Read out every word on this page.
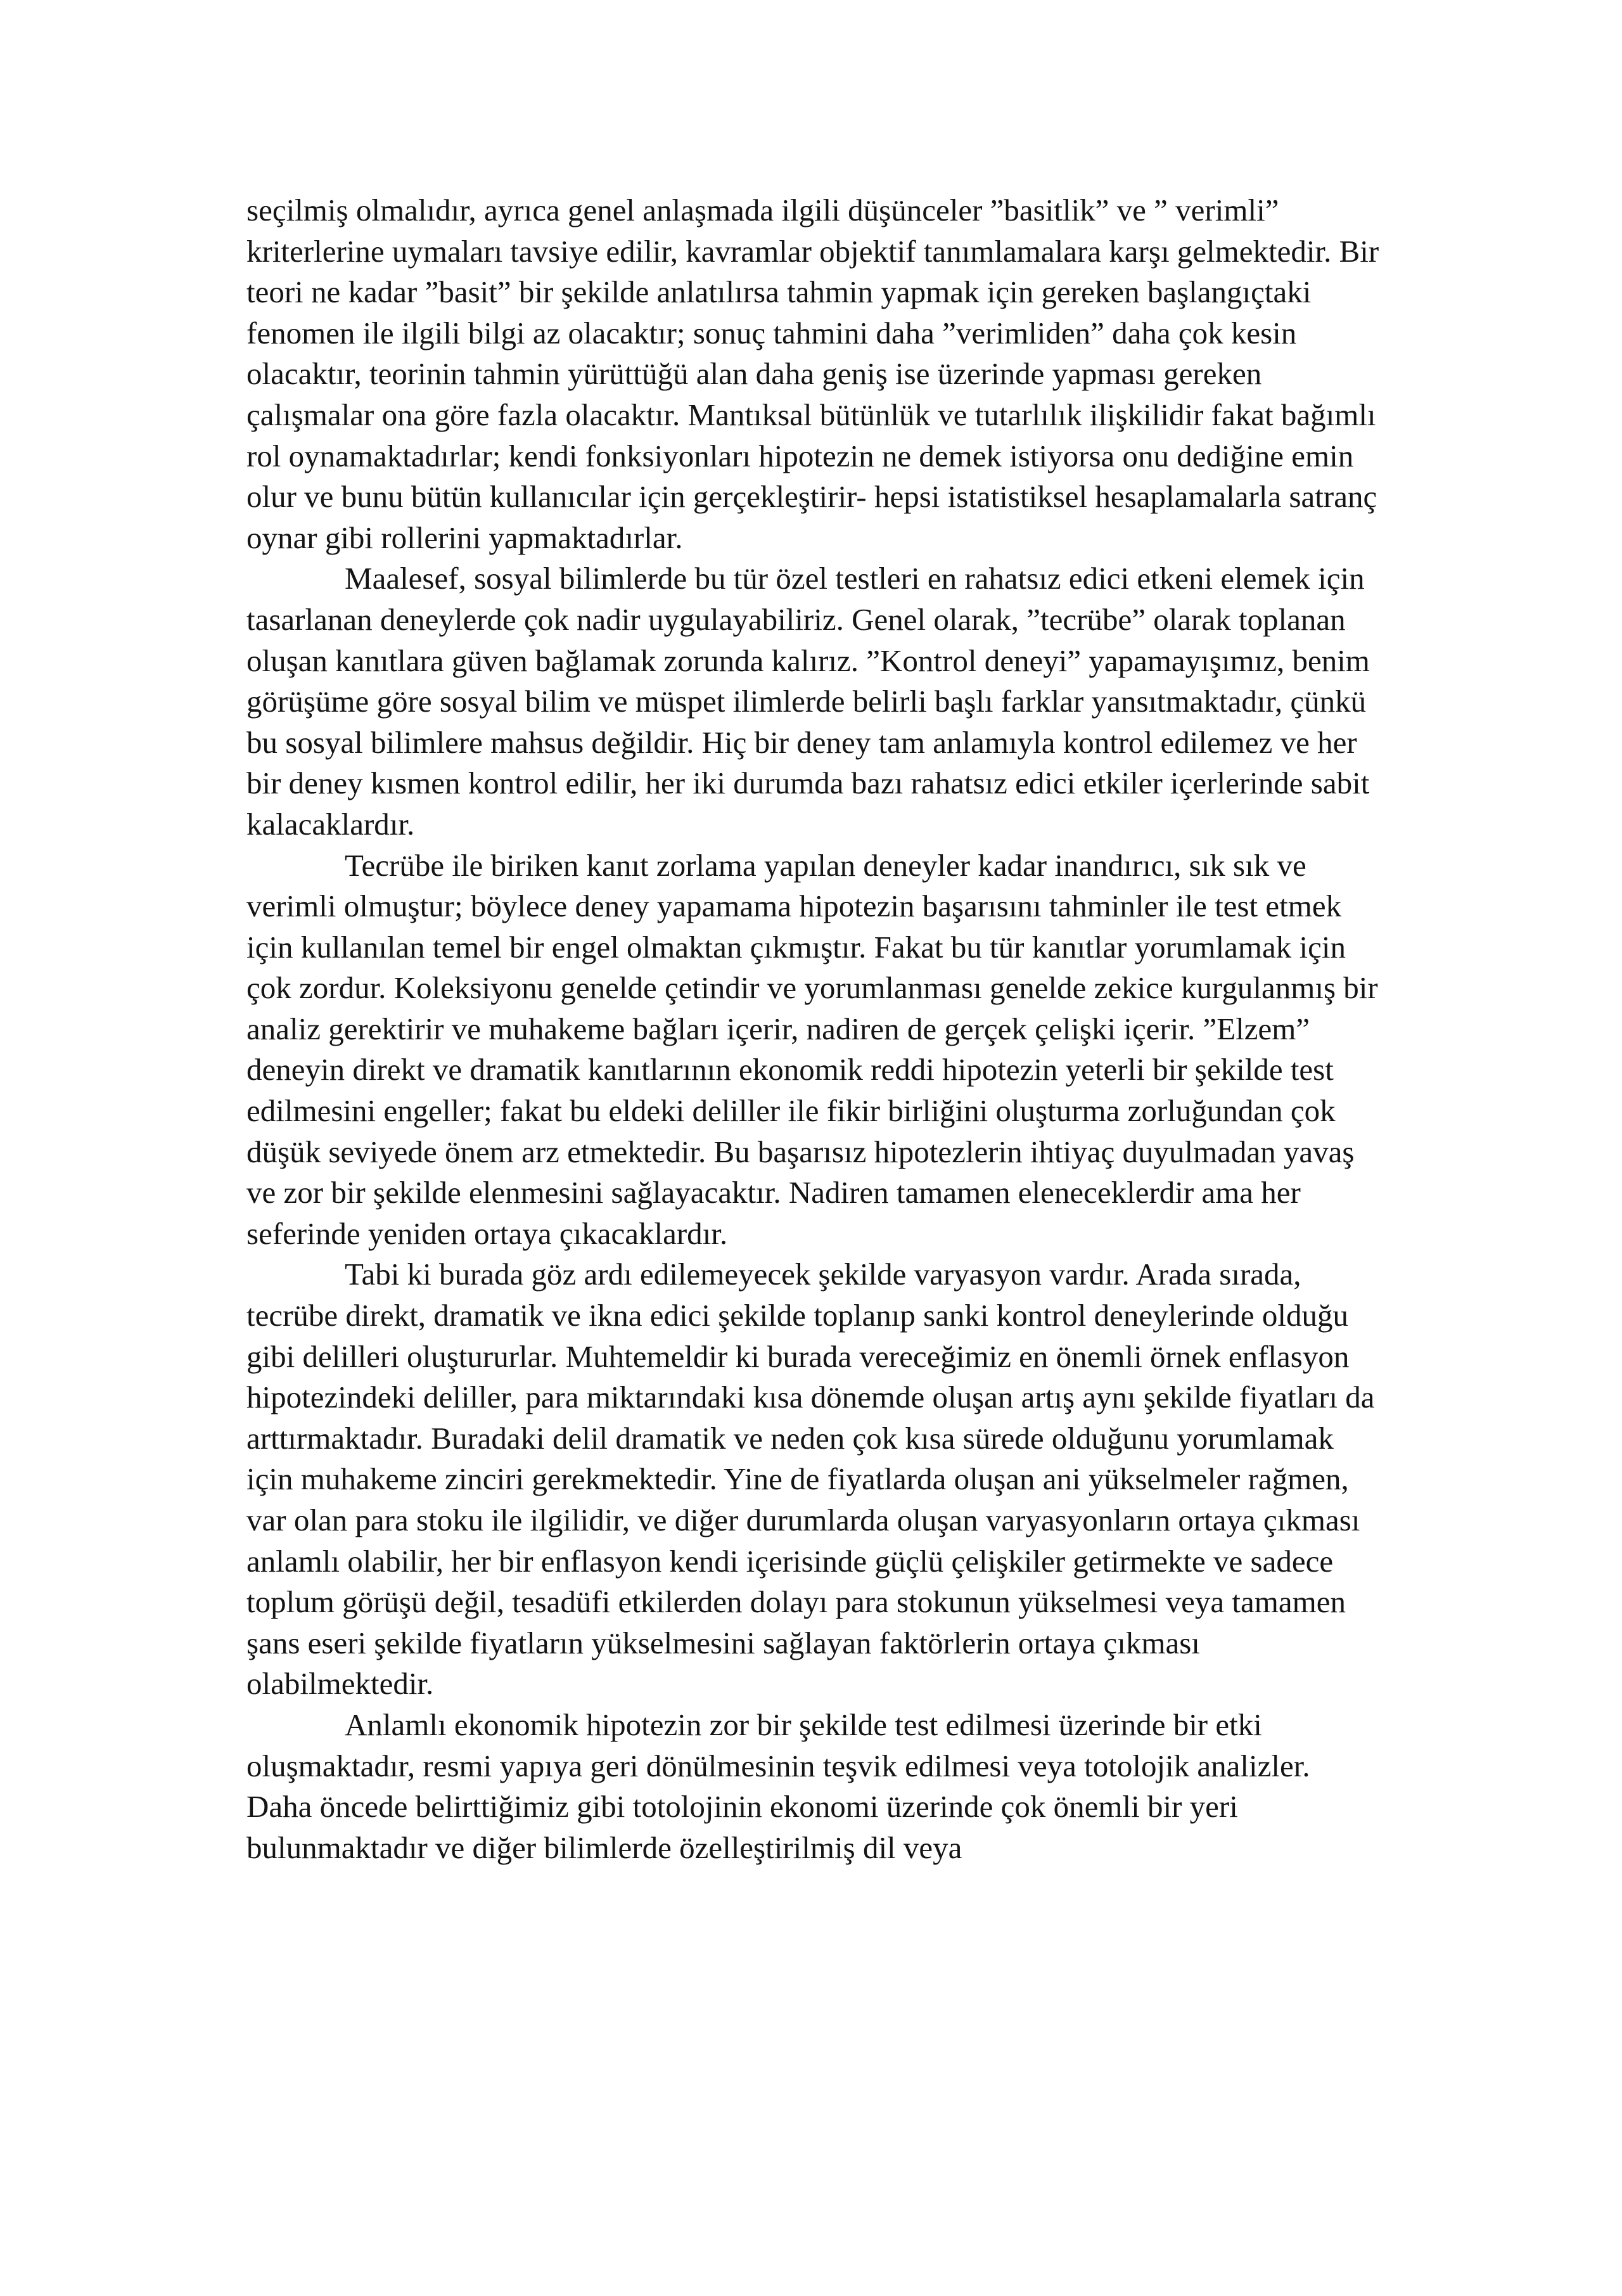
seçilmiş olmalıdır, ayrıca genel anlaşmada ilgili düşünceler ”basitlik” ve ” verimli” kriterlerine uymaları tavsiye edilir, kavramlar objektif tanımlamalara karşı gelmektedir. Bir teori ne kadar ”basit” bir şekilde anlatılırsa tahmin yapmak için gereken başlangıçtaki fenomen ile ilgili bilgi az olacaktır; sonuç tahmini daha ”verimliden” daha çok kesin olacaktır, teorinin tahmin yürüttüğü alan daha geniş ise üzerinde yapması gereken çalışmalar ona göre fazla olacaktır. Mantıksal bütünlük ve tutarlılık ilişkilidir fakat bağımlı rol oynamaktadırlar; kendi fonksiyonları hipotezin ne demek istiyorsa onu dediğine emin olur ve bunu bütün kullanıcılar için gerçekleştirir- hepsi istatistiksel hesaplamalarla satranç oynar gibi rollerini yapmaktadırlar.

Maalesef, sosyal bilimlerde bu tür özel testleri en rahatsız edici etkeni elemek için tasarlanan deneylerde çok nadir uygulayabiliriz. Genel olarak, ”tecrübe” olarak toplanan oluşan kanıtlara güven bağlamak zorunda kalırız. ”Kontrol deneyi” yapamayışımız, benim görüşüme göre sosyal bilim ve müspet ilimlerde belirli başlı farklar yansıtmaktadır, çünkü bu sosyal bilimlere mahsus değildir. Hiç bir deney tam anlamıyla kontrol edilemez ve her bir deney kısmen kontrol edilir, her iki durumda bazı rahatsız edici etkiler içerlerinde sabit kalacaklardır.

Tecrübe ile biriken kanıt zorlama yapılan deneyler kadar inandırıcı, sık sık ve verimli olmuştur; böylece deney yapamama hipotezin başarısını tahminler ile test etmek için kullanılan temel bir engel olmaktan çıkmıştır. Fakat bu tür kanıtlar yorumlamak için çok zordur. Koleksiyonu genelde çetindir ve yorumlanması genelde zekice kurgulanmış bir analiz gerektirir ve muhakeme bağları içerir, nadiren de gerçek çelişki içerir. ”Elzem” deneyin direkt ve dramatik kanıtlarının ekonomik reddi hipotezin yeterli bir şekilde test edilmesini engeller; fakat bu eldeki deliller ile fikir birliğini oluşturma zorluğundan çok düşük seviyede önem arz etmektedir. Bu başarısız hipotezlerin ihtiyaç duyulmadan yavaş ve zor bir şekilde elenmesini sağlayacaktır. Nadiren tamamen eleneceklerdir ama her seferinde yeniden ortaya çıkacaklardır.

Tabi ki burada göz ardı edilemeyecek şekilde varyasyon vardır. Arada sırada, tecrübe direkt, dramatik ve ikna edici şekilde toplanıp sanki kontrol deneylerinde olduğu gibi delilleri oluştururlar. Muhtemeldir ki burada vereceğimiz en önemli örnek enflasyon hipotezindeki deliller, para miktarındaki kısa dönemde oluşan artış aynı şekilde fiyatları da arttırmaktadır. Buradaki delil dramatik ve neden çok kısa sürede olduğunu yorumlamak için muhakeme zinciri gerekmektedir. Yine de fiyatlarda oluşan ani yükselmeler rağmen, var olan para stoku ile ilgilidir, ve diğer durumlarda oluşan varyasyonların ortaya çıkması anlamlı olabilir, her bir enflasyon kendi içerisinde güçlü çelişkiler getirmekte ve sadece toplum görüşü değil, tesadüfi etkilerden dolayı para stokunun yükselmesi veya tamamen şans eseri şekilde fiyatların yükselmesini sağlayan faktörlerin ortaya çıkması olabilmektedir.

Anlamlı ekonomik hipotezin zor bir şekilde test edilmesi üzerinde bir etki oluşmaktadır, resmi yapıya geri dönülmesinin teşvik edilmesi veya totolojik analizler. Daha öncede belirttiğimiz gibi totolojinin ekonomi üzerinde çok önemli bir yeri bulunmaktadır ve diğer bilimlerde özelleştirilmiş dil veya
